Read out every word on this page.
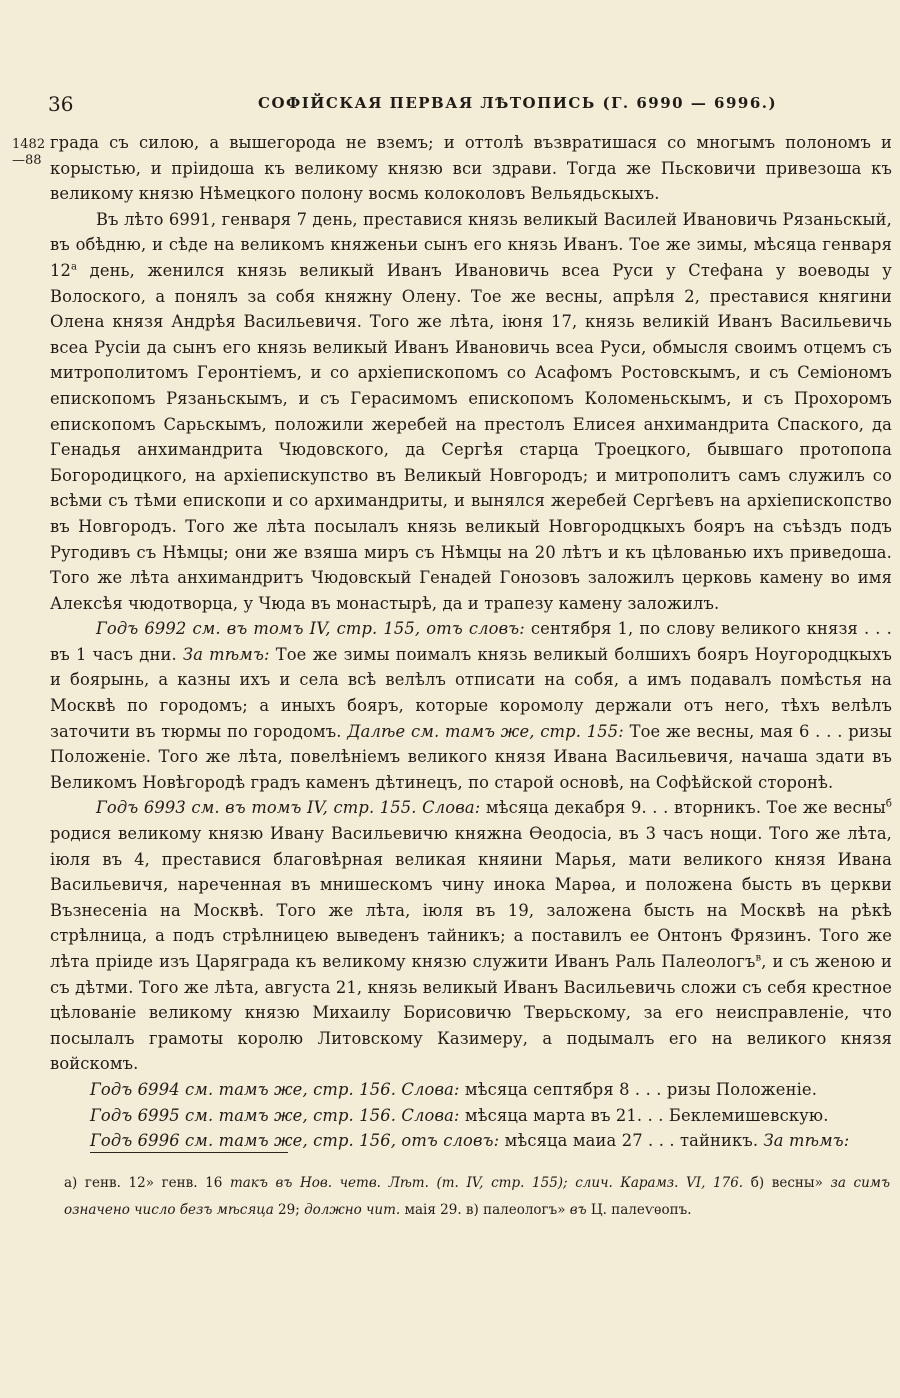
36	СОФІЙСКАЯ ПЕРВАЯ ЛѢТОПИСЬ (Г. 6990 — 6996.)
1482
—88

града съ силою, а вышегорода не вземъ; и оттолѣ възвратишася со многымъ полономъ и корыстью, и пріидоша къ великому князю вси здрави. Тогда же Пьсковичи привезоша къ великому князю Нѣмецкого полону восмь колоколовъ Вельядьскыхъ.

Въ лѣто 6991, генваря 7 день, преставися князь великый Василей Ивановичь Рязаньскый, въ обѣдню, и сѣде на великомъ княженьи сынъ его князь Иванъ. Тое же зимы, мѣсяца генваря $12^а$ день, женился князь великый Иванъ Ивановичь всеа Руси у Стефана у воеводы у Волоского, а понялъ за собя княжну Олену. Тое же весны, апрѣля 2, преставися княгини Олена князя Андрѣя Васильевичя. Того же лѣта, іюня 17, князь великій Иванъ Васильевичь всеа Русіи да сынъ его князь великый Иванъ Ивановичь всеа Руси, обмысля своимъ отцемъ съ митрополитомъ Геронтіемъ, и со архіепископомъ со Асафомъ Ростовскымъ, и съ Семіономъ епископомъ Рязаньскымъ, и съ Герасимомъ епископомъ Коломеньскымъ, и съ Прохоромъ епископомъ Сарьскымъ, положили жеребей на престолъ Елисея анхимандрита Спаского, да Генадья анхимандрита Чюдовского, да Сергѣя старца Троецкого, бывшаго протопопа Богородицкого, на архіепискупство въ Великый Новгородъ; и митрополитъ самъ служилъ со всѣми съ тѣми епископи и со архимандриты, и вынялся жеребей Сергѣевъ на архіепископство въ Новгородъ. Того же лѣта посылалъ князь великый Новгородцкыхъ бояръ на съѣздъ подъ Ругодивъ съ Нѣмцы; они же взяша миръ съ Нѣмцы на 20 лѣтъ и къ цѣлованью ихъ приведоша. Того же лѣта анхимандритъ Чюдовскый Генадей Гонозовъ заложилъ церковь камену во имя Алексѣя чюдотворца, у Чюда въ монастырѣ, да и трапезу камену заложилъ.

Годъ 6992 см. въ томъ IV, стр. 155, отъ словъ: сентября 1, по слову великого князя . . . въ 1 часъ дни. За тѣмъ: Тое же зимы поималъ князь великый болшихъ бояръ Ноугородцкыхъ и боярынь, а казны ихъ и села всѣ велѣлъ отписати на собя, а имъ подавалъ помѣстья на Москвѣ по городомъ; а иныхъ бояръ, которые коромолу держали отъ него, тѣхъ велѣлъ заточити въ тюрмы по городомъ. Далѣе см. тамъ же, стр. 155: Тое же весны, мая 6 . . . ризы Положеніе. Того же лѣта, повелѣніемъ великого князя Ивана Васильевичя, начаша здати въ Великомъ Новѣгородѣ градъ каменъ дѣтинецъ, по старой основѣ, на Софѣйской сторонѣ.

Годъ 6993 см. въ томъ IV, стр. 155. Слова: мѣсяца декабря 9. . . вторникъ. Тое же весны$^б$ родися великому князю Ивану Васильевичю княжна Ѳеодосіа, въ 3 часъ нощи. Того же лѣта, іюля въ 4, преставися благовѣрная великая княини Марья, мати великого князя Ивана Васильевичя, нареченная въ мнишескомъ чину инока Марѳа, и положена бысть въ церкви Възнесеніа на Москвѣ. Того же лѣта, іюля въ 19, заложена бысть на Москвѣ на рѣкѣ стрѣлница, а подъ стрѣлницею выведенъ тайникъ; а поставилъ ее Онтонъ Фрязинъ. Того же лѣта пріиде изъ Царяграда къ великому князю служити Иванъ Раль Палеологъ$^в$, и съ женою и съ дѣтми. Того же лѣта, августа 21, князь великый Иванъ Васильевичь сложи съ себя крестное цѣлованіе великому князю Михаилу Борисовичю Тверьскому, за его неисправленіе, что посылалъ грамоты королю Литовскому Казимеру, а подымалъ его на великого князя войскомъ.

Годъ 6994 см. тамъ же, стр. 156. Слова: мѣсяца септября 8 . . . ризы Положеніе.

Годъ 6995 см. тамъ же, стр. 156. Слова: мѣсяца марта въ 21. . . Беклемишевскую.

Годъ 6996 см. тамъ же, стр. 156, отъ словъ: мѣсяца маиа 27 . . . тайникъ. За тѣмъ:

а) генв. 12» генв. 16 такъ въ Нов. четв. Лѣт. (т. IV, стр. 155); слич. Карамз. VI, 176. б) весны» за симъ означено число безъ мѣсяца 29; должно чит. маія 29. в) палеологъ» въ Ц. палеѵѳопъ.
